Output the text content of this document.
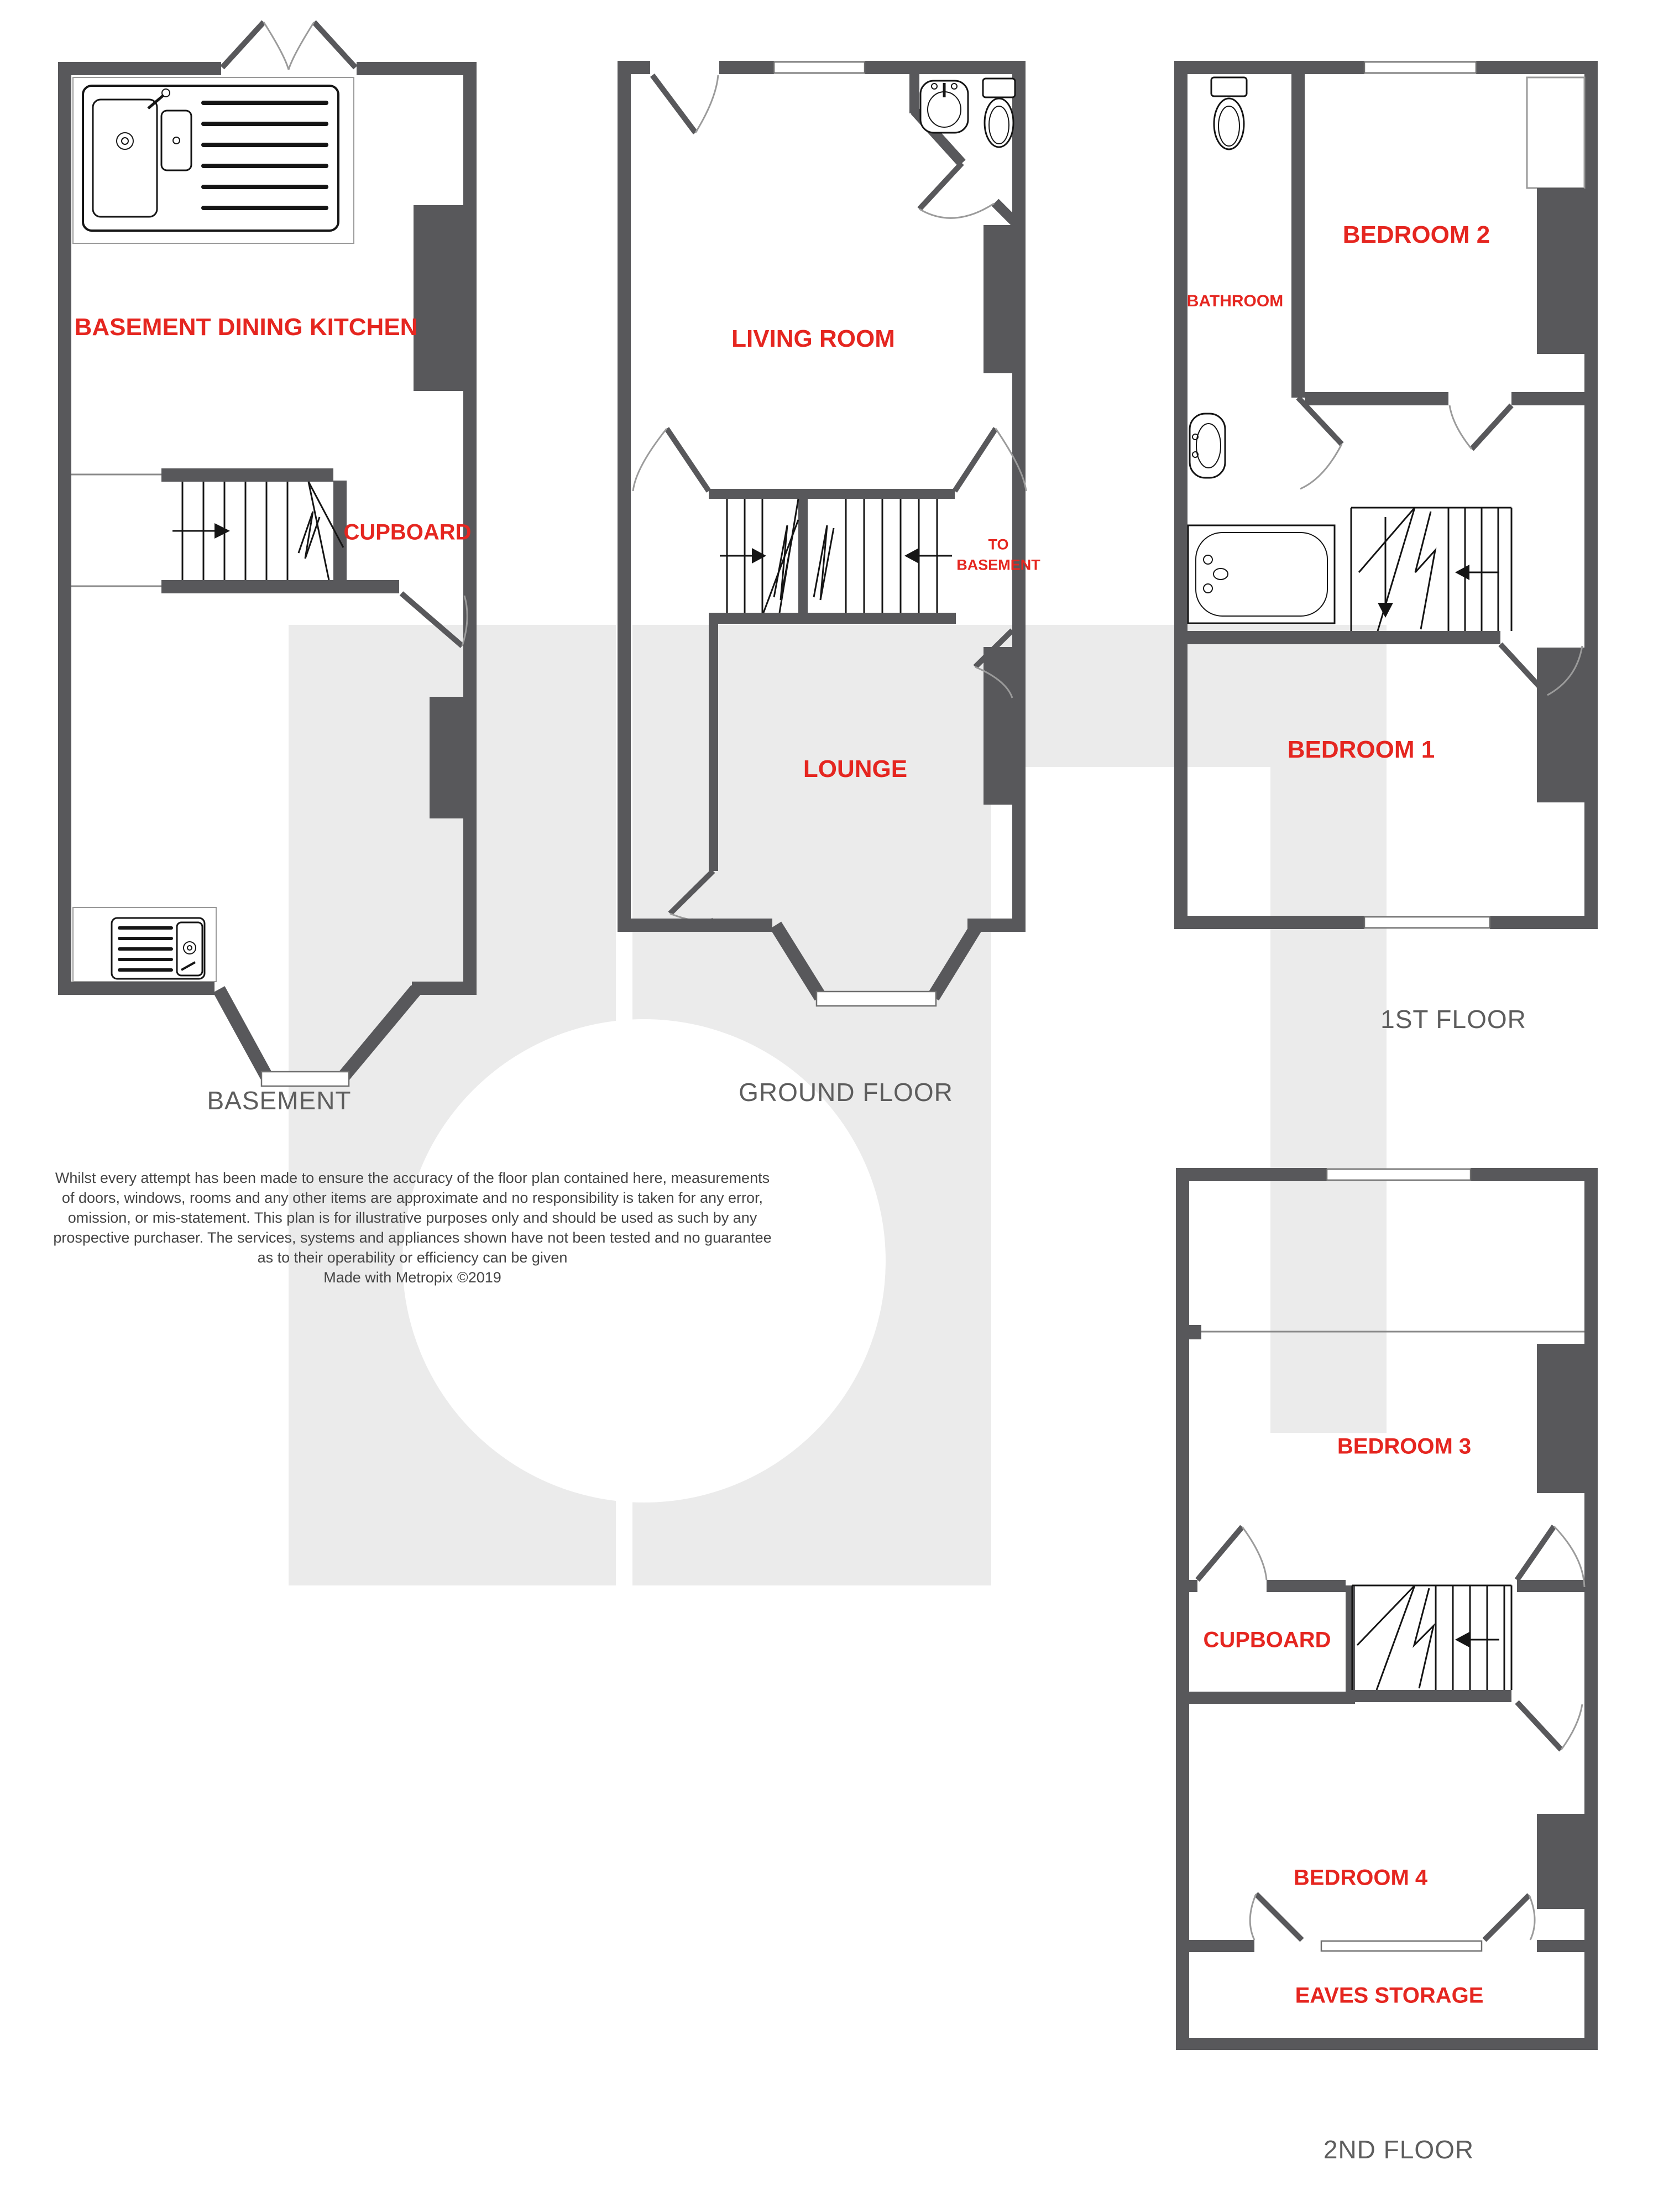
BASEMENT DINING KITCHEN
CUPBOARD
LIVING ROOM
LOUNGE
TO
BASEMENT
BATHROOM
BEDROOM 2
BEDROOM 1
BEDROOM 3
CUPBOARD
BEDROOM 4
EAVES STORAGE
BASEMENT	GROUND FLOOR
1ST FLOOR
2ND FLOOR
Whilst every attempt has been made to ensure the accuracy of the floor plan contained here, measurements
of doors, windows, rooms and any other items are approximate and no responsibility is taken for any error,
omission, or mis-statement. This plan is for illustrative purposes only and should be used as such by any
prospective purchaser. The services, systems and appliances shown have not been tested and no guarantee
as to their operability or efficiency can be given
Made with Metropix ©2019
